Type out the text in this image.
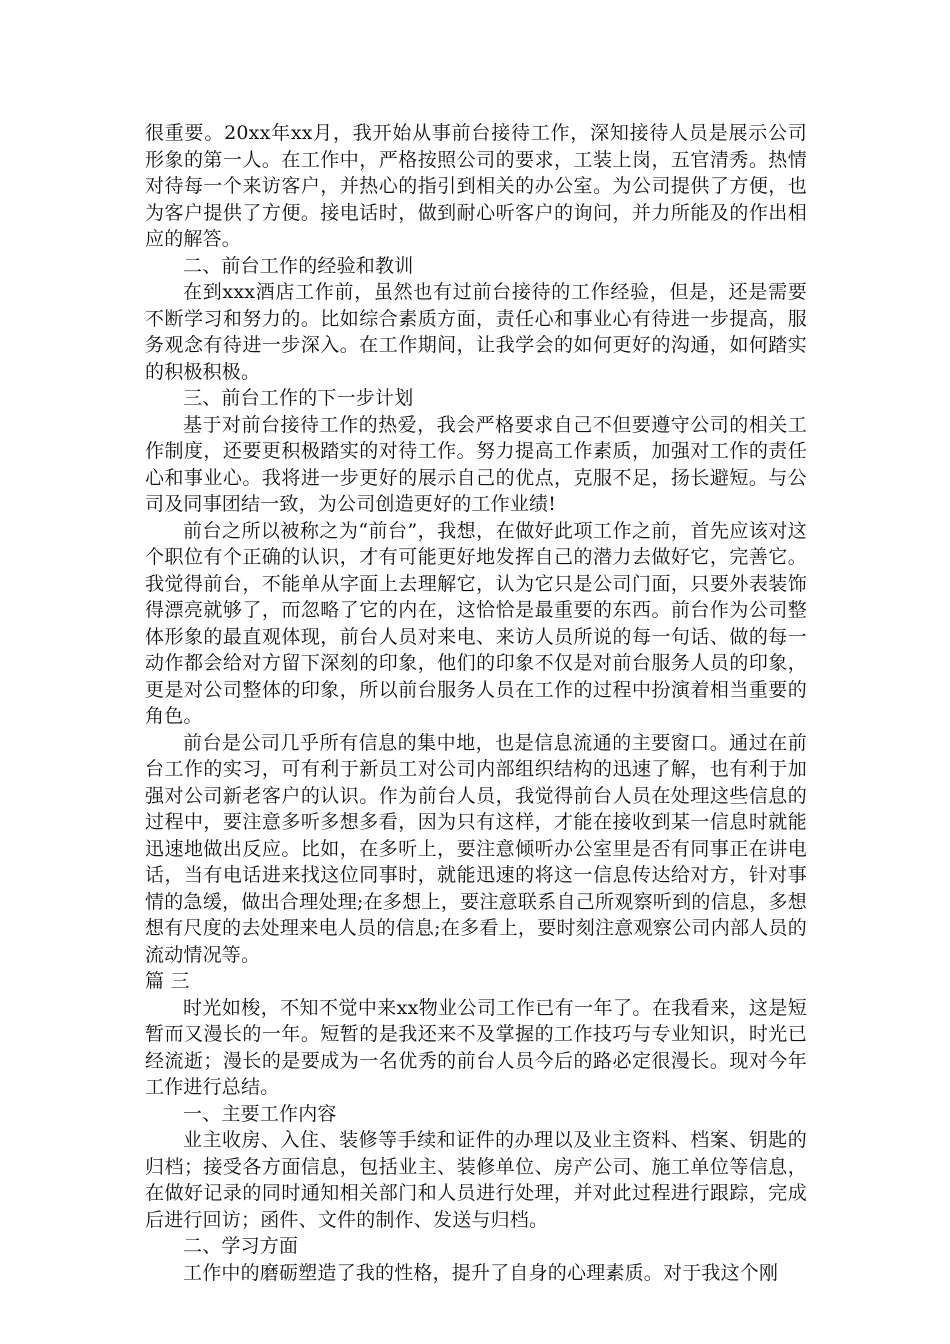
很重要。20xx年xx月，我开始从事前台接待工作，深知接待人员是展示公司形象的第一人。在工作中，严格按照公司的要求，工装上岗，五官清秀。热情对待每一个来访客户，并热心的指引到相关的办公室。为公司提供了方便，也为客户提供了方便。接电话时，做到耐心听客户的询问，并力所能及的作出相应的解答。

二、前台工作的经验和教训

在到xxx酒店工作前，虽然也有过前台接待的工作经验，但是，还是需要不断学习和努力的。比如综合素质方面，责任心和事业心有待进一步提高，服务观念有待进一步深入。在工作期间，让我学会的如何更好的沟通，如何踏实的积极积极。

三、前台工作的下一步计划

基于对前台接待工作的热爱，我会严格要求自己不但要遵守公司的相关工作制度，还要更积极踏实的对待工作。努力提高工作素质，加强对工作的责任心和事业心。我将进一步更好的展示自己的优点，克服不足，扬长避短。与公司及同事团结一致，为公司创造更好的工作业绩!

前台之所以被称之为“前台”，我想，在做好此项工作之前，首先应该对这个职位有个正确的认识，才有可能更好地发挥自己的潜力去做好它，完善它。我觉得前台，不能单从字面上去理解它，认为它只是公司门面，只要外表装饰得漂亮就够了，而忽略了它的内在，这恰恰是最重要的东西。前台作为公司整体形象的最直观体现，前台人员对来电、来访人员所说的每一句话、做的每一动作都会给对方留下深刻的印象，他们的印象不仅是对前台服务人员的印象，更是对公司整体的印象，所以前台服务人员在工作的过程中扮演着相当重要的角色。

前台是公司几乎所有信息的集中地，也是信息流通的主要窗口。通过在前台工作的实习，可有利于新员工对公司内部组织结构的迅速了解，也有利于加强对公司新老客户的认识。作为前台人员，我觉得前台人员在处理这些信息的过程中，要注意多听多想多看，因为只有这样，才能在接收到某一信息时就能迅速地做出反应。比如，在多听上，要注意倾听办公室里是否有同事正在讲电话，当有电话进来找这位同事时，就能迅速的将这一信息传达给对方，针对事情的急缓，做出合理处理;在多想上，要注意联系自己所观察听到的信息，多想想有尺度的去处理来电人员的信息;在多看上，要时刻注意观察公司内部人员的流动情况等。

篇 三

时光如梭，不知不觉中来xx物业公司工作已有一年了。在我看来，这是短暂而又漫长的一年。短暂的是我还来不及掌握的工作技巧与专业知识，时光已经流逝；漫长的是要成为一名优秀的前台人员今后的路必定很漫长。现对今年工作进行总结。

一、主要工作内容

业主收房、入住、装修等手续和证件的办理以及业主资料、档案、钥匙的归档；接受各方面信息，包括业主、装修单位、房产公司、施工单位等信息，在做好记录的同时通知相关部门和人员进行处理，并对此过程进行跟踪，完成后进行回访；函件、文件的制作、发送与归档。

二、学习方面

工作中的磨砺塑造了我的性格，提升了自身的心理素质。对于我这个刚
